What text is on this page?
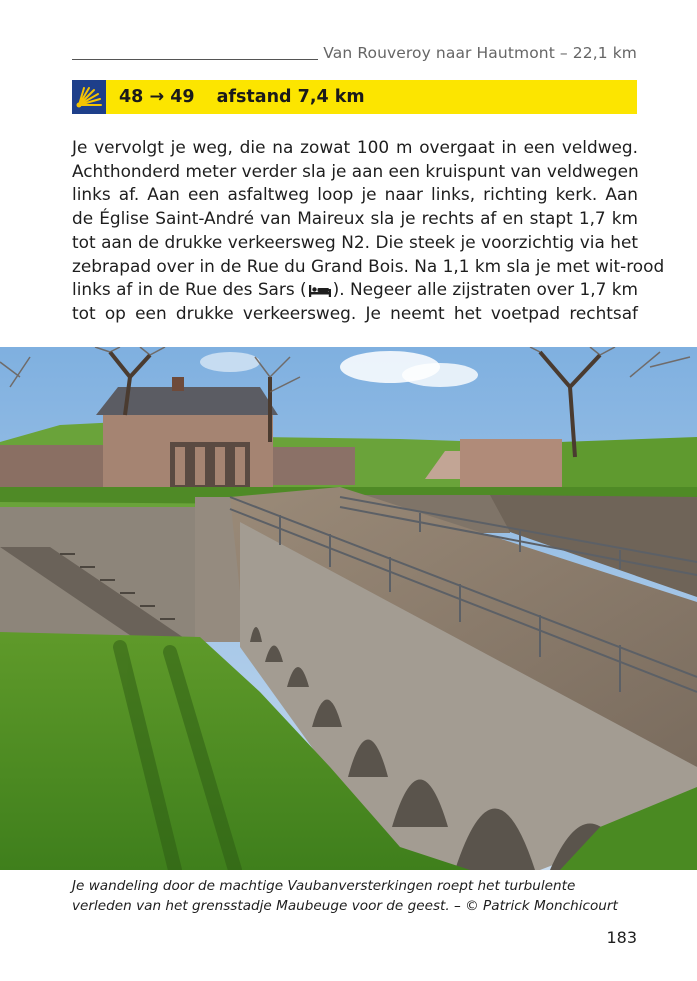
Van Rouveroy naar Hautmont – 22,1 km
48 → 49 afstand 7,4 km
Je vervolgt je weg, die na zowat 100 m overgaat in een veldweg.
Achthonderd meter verder sla je aan een kruispunt van veldwegen
links af. Aan een asfaltweg loop je naar links, richting kerk. Aan
de Église Saint-André van Maireux sla je rechts af en stapt 1,7 km
tot aan de drukke verkeersweg N2. Die steek je voorzichtig via het
zebrapad over in de Rue du Grand Bois. Na 1,1 km sla je met wit-rood
links af in de Rue des Sars ( ). Negeer alle zijstraten over 1,7 km
tot op een drukke verkeersweg. Je neemt het voetpad rechtsaf
Je wandeling door de machtige Vaubanversterkingen roept het turbulente
verleden van het grensstadje Maubeuge voor de geest. – © Patrick Monchicourt
183
